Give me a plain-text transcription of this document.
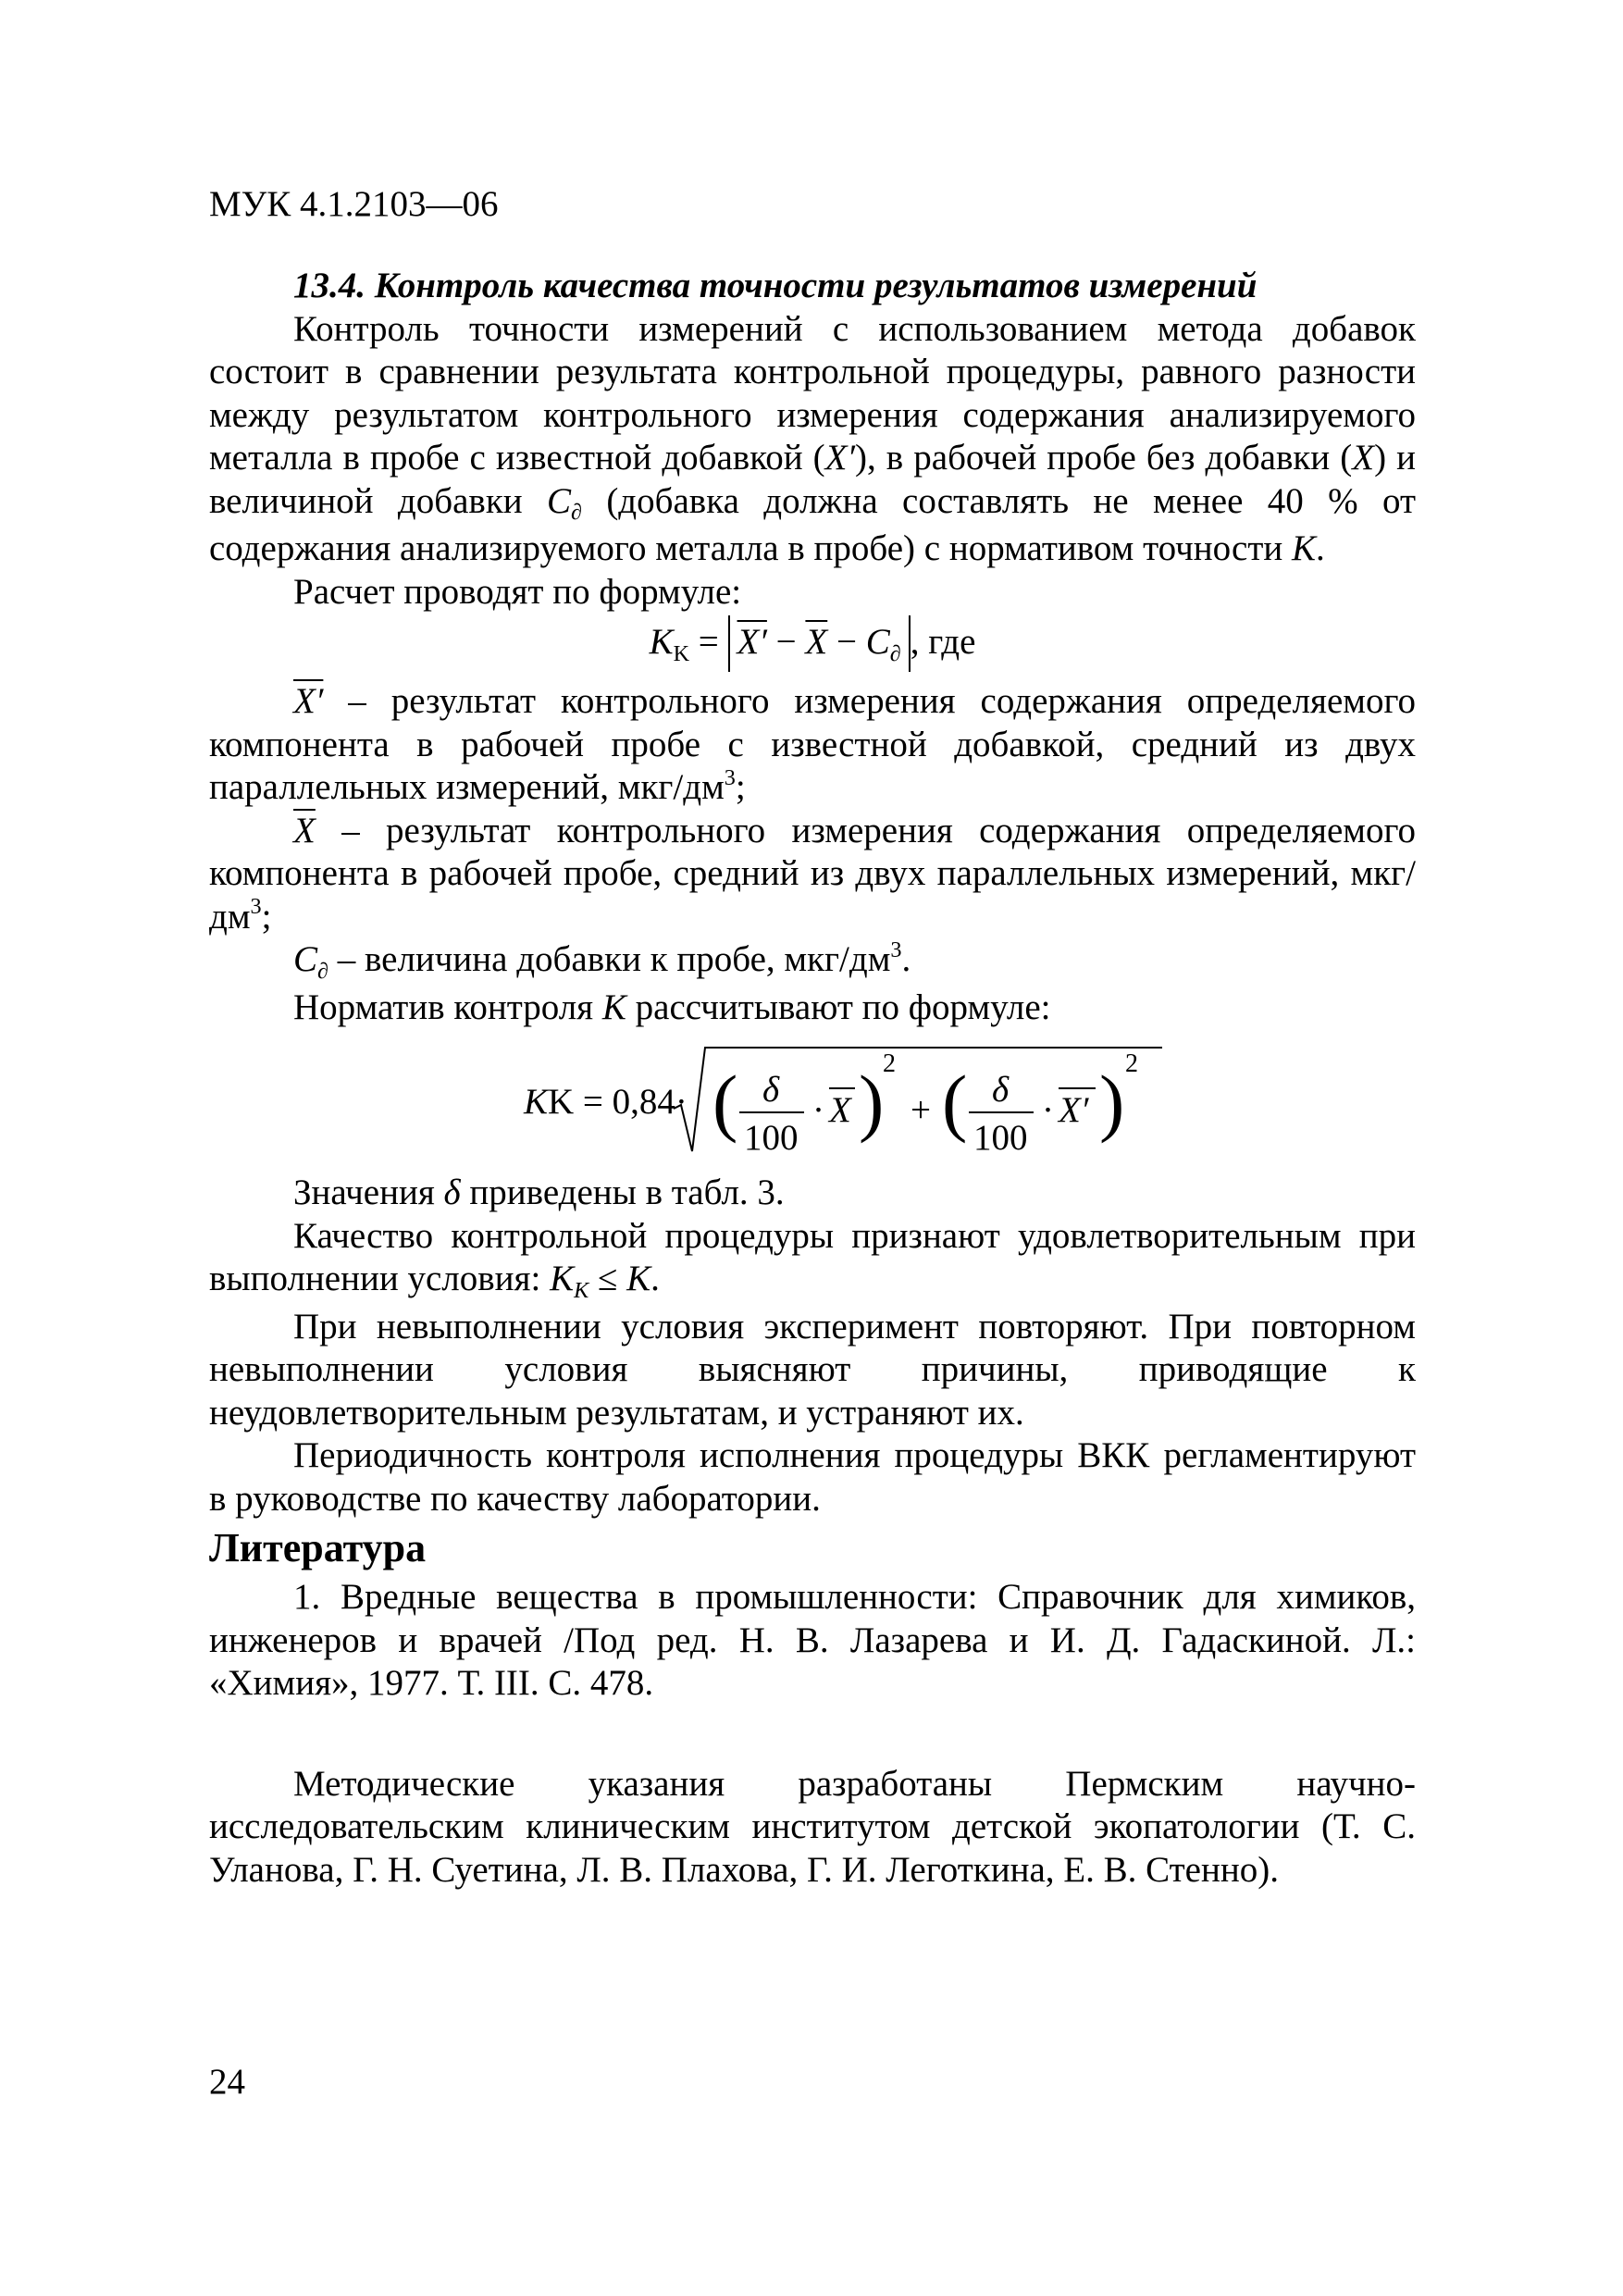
МУК 4.1.2103—06

13.4. Контроль качества точности результатов измерений

Контроль точности измерений с использованием метода добавок состоит в сравнении результата контрольной процедуры, равного разности между результатом контрольного измерения содержания анализируемого металла в пробе с известной добавкой (X′), в рабочей пробе без добавки (X) и величиной добавки C∂ (добавка должна составлять не менее 40 % от содержания анализируемого металла в пробе) с нормативом точности K.

Расчет проводят по формуле:

KK = $X' - \overline{X} - C\partial$ , где

X′ – результат контрольного измерения содержания определяемого компонента в рабочей пробе с известной добавкой, средний из двух параллельных измерений, мкг/$дм^3$;

$\overline{X}$ – результат контрольного измерения содержания определяемого компонента в рабочей пробе, средний из двух параллельных измерений, мкг/$дм^3$;

C∂ – величина добавки к пробе, мкг/$дм^3$.

Норматив контроля K рассчитывают по формуле:

KK = 0,84· ( δ
100
· X )
2
+ ( δ
100
· X′ ) 2

Значения δ приведены в табл. 3.

Качество контрольной процедуры признают удовлетворительным при выполнении условия: KK ≤ K.

При невыполнении условия эксперимент повторяют. При повторном невыполнении условия выясняют причины, приводящие к неудовлетворительным результатам, и устраняют их.

Периодичность контроля исполнения процедуры ВКК регламентируют в руководстве по качеству лаборатории.

Литература

1. Вредные вещества в промышленности: Справочник для химиков, инженеров и врачей /Под ред. Н. В. Лазарева и И. Д. Гадаскиной. Л.: «Химия», 1977. Т. III. С. 478.

Методические указания разработаны Пермским научно-исследовательским клиническим институтом детской экопатологии (Т. С. Уланова, Г. Н. Суетина, Л. В. Плахова, Г. И. Леготкина, Е. В. Стенно).

24
